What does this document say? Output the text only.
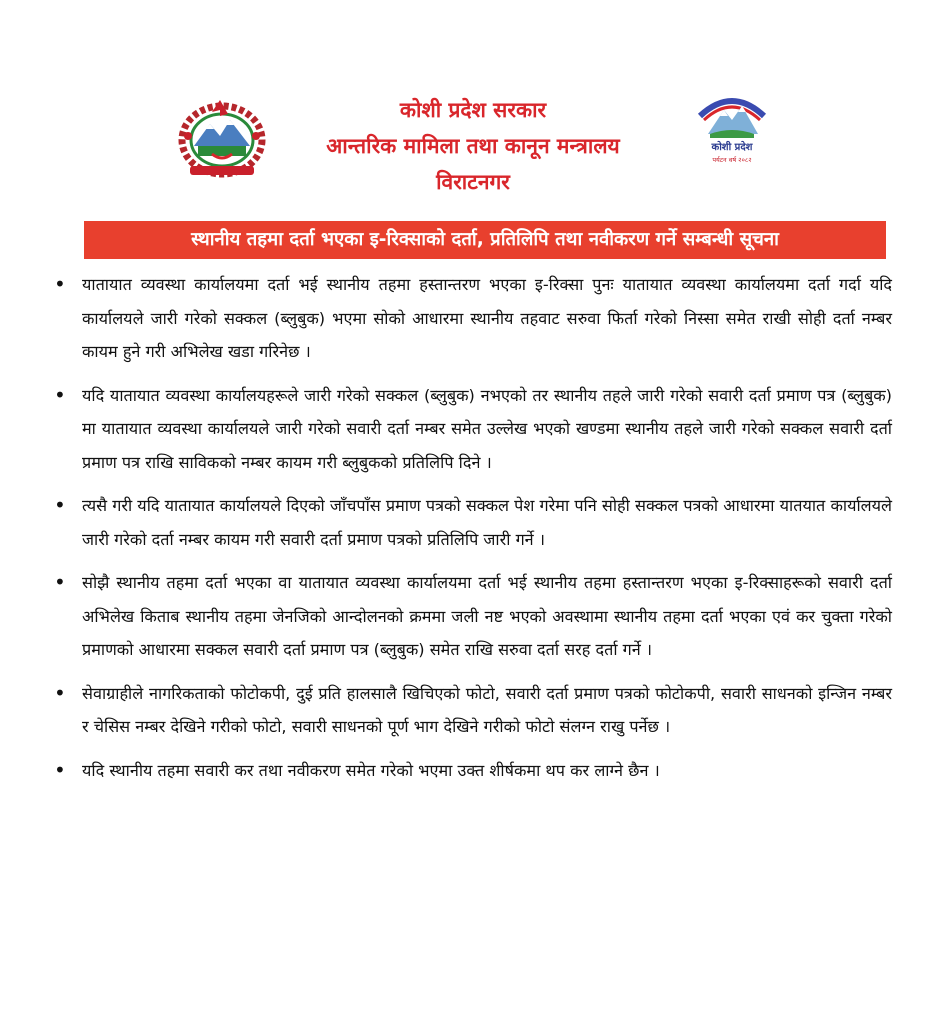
कोशी प्रदेश
पर्यटन वर्ष २०८२
कोशी प्रदेश सरकार
आन्तरिक मामिला तथा कानून मन्त्रालय
विराटनगर
स्थानीय तहमा दर्ता भएका इ-रिक्साको दर्ता, प्रतिलिपि तथा नवीकरण गर्ने सम्बन्धी सूचना
• यातायात व्यवस्था कार्यालयमा दर्ता भई स्थानीय तहमा हस्तान्तरण भएका इ-रिक्सा पुनः यातायात व्यवस्था कार्यालयमा दर्ता गर्दा यदि कार्यालयले जारी गरेको सक्कल (ब्लुबुक) भएमा सोको आधारमा स्थानीय तहवाट सरुवा फिर्ता गरेको निस्सा समेत राखी सोही दर्ता नम्बर कायम हुने गरी अभिलेख खडा गरिनेछ ।
• यदि यातायात व्यवस्था कार्यालयहरूले जारी गरेको सक्कल (ब्लुबुक) नभएको तर स्थानीय तहले जारी गरेको सवारी दर्ता प्रमाण पत्र (ब्लुबुक) मा यातायात व्यवस्था कार्यालयले जारी गरेको सवारी दर्ता नम्बर समेत उल्लेख भएको खण्डमा स्थानीय तहले जारी गरेको सक्कल सवारी दर्ता प्रमाण पत्र राखि साविकको नम्बर कायम गरी ब्लुबुकको प्रतिलिपि दिने ।
• त्यसै गरी यदि यातायात कार्यालयले दिएको जाँचपाँस प्रमाण पत्रको सक्कल पेश गरेमा पनि सोही सक्कल पत्रको आधारमा यातयात कार्यालयले जारी गरेको दर्ता नम्बर कायम गरी सवारी दर्ता प्रमाण पत्रको प्रतिलिपि जारी गर्ने ।
• सोझै स्थानीय तहमा दर्ता भएका वा यातायात व्यवस्था कार्यालयमा दर्ता भई स्थानीय तहमा हस्तान्तरण भएका इ-रिक्साहरूको सवारी दर्ता अभिलेख किताब स्थानीय तहमा जेनजिको आन्दोलनको क्रममा जली नष्ट भएको अवस्थामा स्थानीय तहमा दर्ता भएका एवं कर चुक्ता गरेको प्रमाणको आधारमा सक्कल सवारी दर्ता प्रमाण पत्र (ब्लुबुक) समेत राखि सरुवा दर्ता सरह दर्ता गर्ने ।
• सेवाग्राहीले नागरिकताको फोटोकपी, दुई प्रति हालसालै खिचिएको फोटो, सवारी दर्ता प्रमाण पत्रको फोटोकपी, सवारी साधनको इन्जिन नम्बर र चेसिस नम्बर देखिने गरीको फोटो, सवारी साधनको पूर्ण भाग देखिने गरीको फोटो संलग्न राखु पर्नेछ ।
• यदि स्थानीय तहमा सवारी कर तथा नवीकरण समेत गरेको भएमा उक्त शीर्षकमा थप कर लाग्ने छैन ।
